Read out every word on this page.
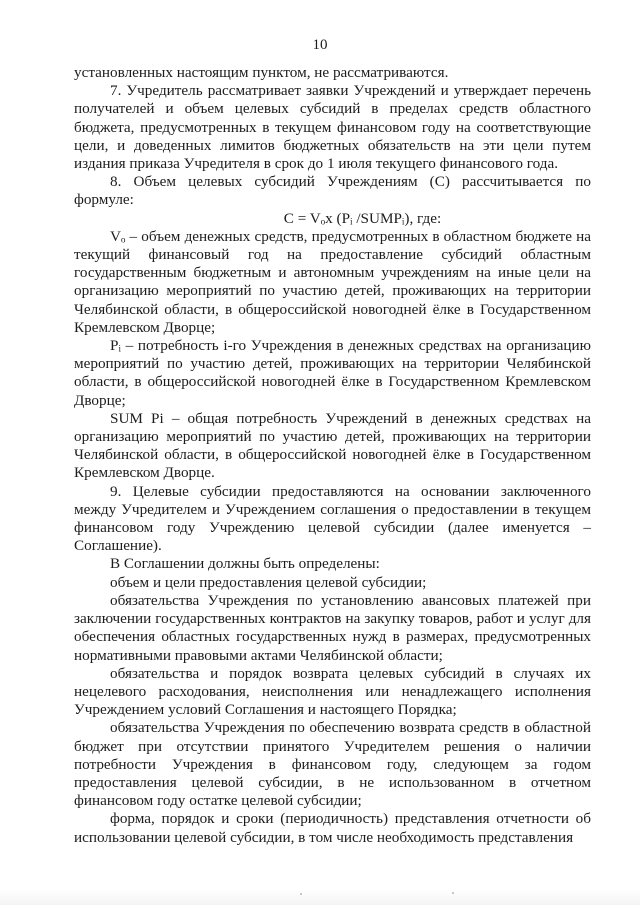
10

установленных настоящим пунктом, не рассматриваются.

7. Учредитель рассматривает заявки Учреждений и утверждает перечень получателей и объем целевых субсидий в пределах средств областного бюджета, предусмотренных в текущем финансовом году на соответствующие цели, и доведенных лимитов бюджетных обязательств на эти цели путем издания приказа Учредителя в срок до 1 июля текущего финансового года.

8. Объем целевых субсидий Учреждениям (С) рассчитывается по формуле:

C = Vₒx (Pᵢ /SUMPᵢ), где:

Vₒ – объем денежных средств, предусмотренных в областном бюджете на текущий финансовый год на предоставление субсидий областным государственным бюджетным и автономным учреждениям на иные цели на организацию мероприятий по участию детей, проживающих на территории Челябинской области, в общероссийской новогодней ёлке в Государственном Кремлевском Дворце;

Pᵢ – потребность i-го Учреждения в денежных средствах на организацию мероприятий по участию детей, проживающих на территории Челябинской области, в общероссийской новогодней ёлке в Государственном Кремлевском Дворце;

SUM Pi – общая потребность Учреждений в денежных средствах на организацию мероприятий по участию детей, проживающих на территории Челябинской области, в общероссийской новогодней ёлке в Государственном Кремлевском Дворце.

9. Целевые субсидии предоставляются на основании заключенного между Учредителем и Учреждением соглашения о предоставлении в текущем финансовом году Учреждению целевой субсидии (далее именуется – Соглашение).

В Соглашении должны быть определены:

объем и цели предоставления целевой субсидии;

обязательства Учреждения по установлению авансовых платежей при заключении государственных контрактов на закупку товаров, работ и услуг для обеспечения областных государственных нужд в размерах, предусмотренных нормативными правовыми актами Челябинской области;

обязательства и порядок возврата целевых субсидий в случаях их нецелевого расходования, неисполнения или ненадлежащего исполнения Учреждением условий Соглашения и настоящего Порядка;

обязательства Учреждения по обеспечению возврата средств в областной бюджет при отсутствии принятого Учредителем решения о наличии потребности Учреждения в финансовом году, следующем за годом предоставления целевой субсидии, в не использованном в отчетном финансовом году остатке целевой субсидии;

форма, порядок и сроки (периодичность) представления отчетности об использовании целевой субсидии, в том числе необходимость представления
